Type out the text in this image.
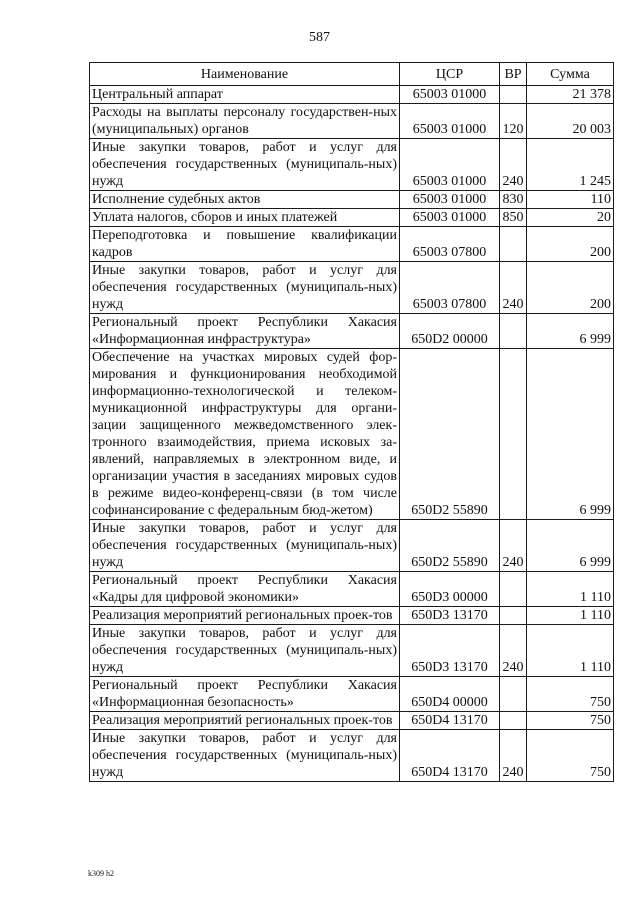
587
Наименование	ЦСР	ВР	Сумма
Центральный аппарат	65003 01000		21 378
Расходы на выплаты персоналу государствен-ных (муниципальных) органов	65003 01000	120	20 003
Иные закупки товаров, работ и услуг для обеспечения государственных (муниципаль-ных) нужд	65003 01000	240	1 245
Исполнение судебных актов	65003 01000	830	110
Уплата налогов, сборов и иных платежей	65003 01000	850	20
Переподготовка и повышение квалификации кадров	65003 07800		200
Иные закупки товаров, работ и услуг для обеспечения государственных (муниципаль-ных) нужд	65003 07800	240	200
Региональный проект Республики Хакасия «Информационная инфраструктура»	650D2 00000		6 999
Обеспечение на участках мировых судей фор-мирования и функционирования необходимой информационно-технологической и телеком-муникационной инфраструктуры для органи-зации защищенного межведомственного элек-тронного взаимодействия, приема исковых за-явлений, направляемых в электронном виде, и организации участия в заседаниях мировых судов в режиме видео-конференц-связи (в том числе софинансирование с федеральным бюд-жетом)	650D2 55890		6 999
Иные закупки товаров, работ и услуг для обеспечения государственных (муниципаль-ных) нужд	650D2 55890	240	6 999
Региональный проект Республики Хакасия «Кадры для цифровой экономики»	650D3 00000		1 110
Реализация мероприятий региональных проек-тов	650D3 13170		1 110
Иные закупки товаров, работ и услуг для обеспечения государственных (муниципаль-ных) нужд	650D3 13170	240	1 110
Региональный проект Республики Хакасия «Информационная безопасность»	650D4 00000		750
Реализация мероприятий региональных проек-тов	650D4 13170		750
Иные закупки товаров, работ и услуг для обеспечения государственных (муниципаль-ных) нужд	650D4 13170	240	750
k309 h2
